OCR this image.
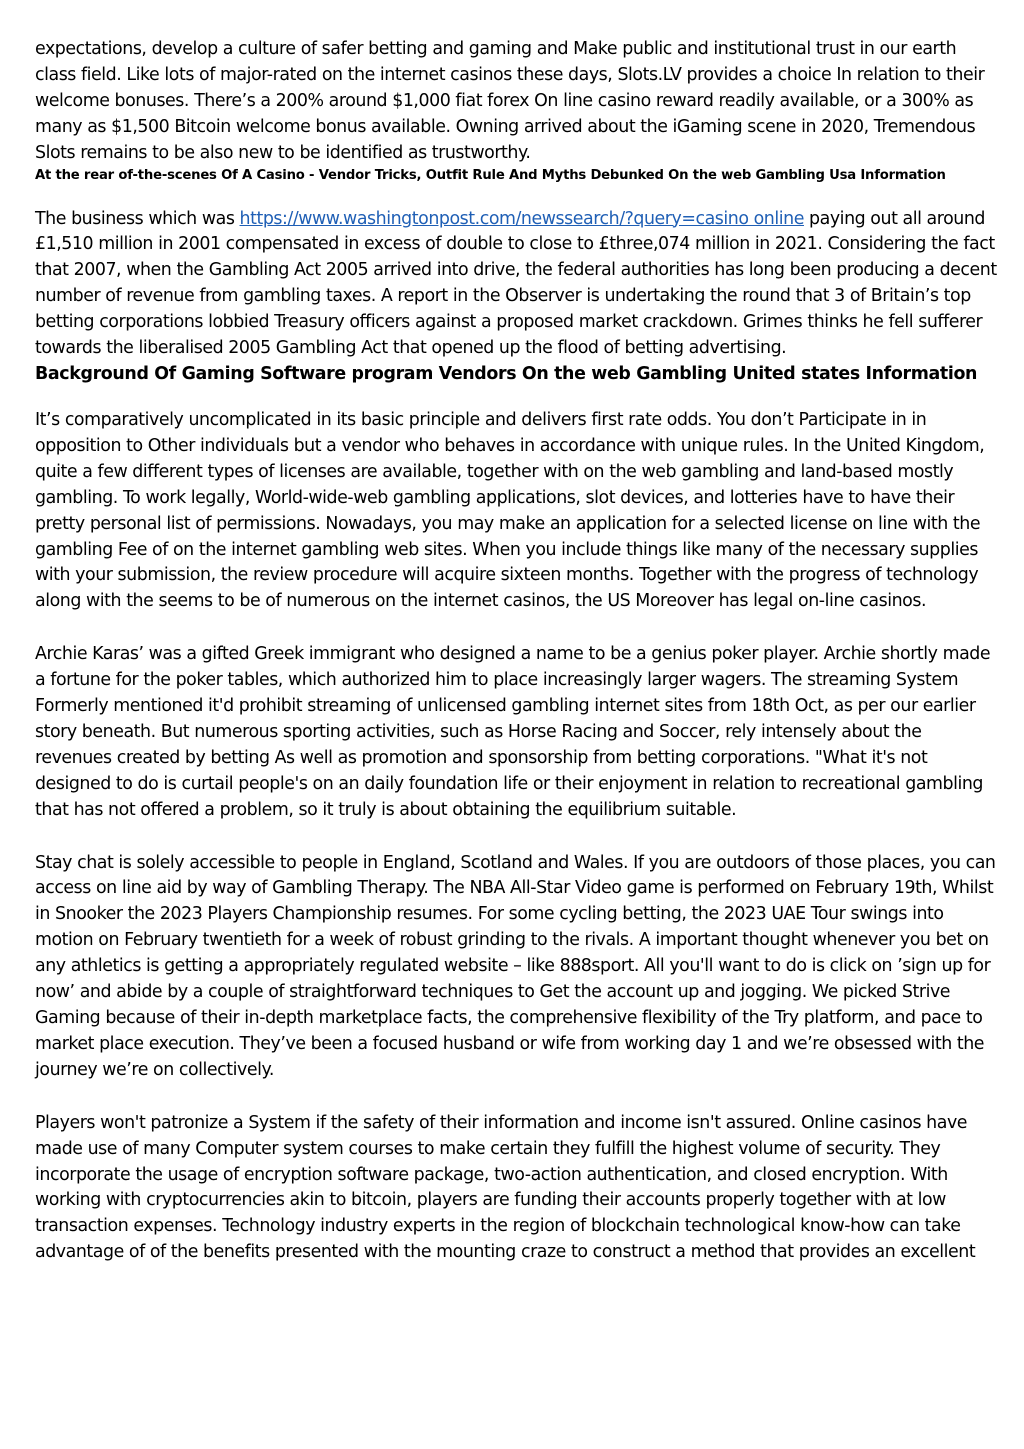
expectations, develop a culture of safer betting and gaming and Make public and institutional trust in our earth class field. Like lots of major-rated on the internet casinos these days, Slots.LV provides a choice In relation to their welcome bonuses. There’s a 200% around $1,000 fiat forex On line casino reward readily available, or a 300% as many as $1,500 Bitcoin welcome bonus available. Owning arrived about the iGaming scene in 2020, Tremendous Slots remains to be also new to be identified as trustworthy.

At the rear of-the-scenes Of A Casino - Vendor Tricks, Outfit Rule And Myths Debunked On the web Gambling Usa Information

The business which was https://www.washingtonpost.com/newssearch/?query=casino online paying out all around £1,510 million in 2001 compensated in excess of double to close to £three,074 million in 2021. Considering the fact that 2007, when the Gambling Act 2005 arrived into drive, the federal authorities has long been producing a decent number of revenue from gambling taxes. A report in the Observer is undertaking the round that 3 of Britain’s top betting corporations lobbied Treasury officers against a proposed market crackdown. Grimes thinks he fell sufferer towards the liberalised 2005 Gambling Act that opened up the flood of betting advertising.

Background Of Gaming Software program Vendors On the web Gambling United states Information

It’s comparatively uncomplicated in its basic principle and delivers first rate odds. You don’t Participate in in opposition to Other individuals but a vendor who behaves in accordance with unique rules. In the United Kingdom, quite a few different types of licenses are available, together with on the web gambling and land-based mostly gambling. To work legally, World-wide-web gambling applications, slot devices, and lotteries have to have their pretty personal list of permissions. Nowadays, you may make an application for a selected license on line with the gambling Fee of on the internet gambling web sites. When you include things like many of the necessary supplies with your submission, the review procedure will acquire sixteen months. Together with the progress of technology along with the seems to be of numerous on the internet casinos, the US Moreover has legal on-line casinos.

Archie Karas’ was a gifted Greek immigrant who designed a name to be a genius poker player. Archie shortly made a fortune for the poker tables, which authorized him to place increasingly larger wagers. The streaming System Formerly mentioned it'd prohibit streaming of unlicensed gambling internet sites from 18th Oct, as per our earlier story beneath. But numerous sporting activities, such as Horse Racing and Soccer, rely intensely about the revenues created by betting As well as promotion and sponsorship from betting corporations. "What it's not designed to do is curtail people's on an daily foundation life or their enjoyment in relation to recreational gambling that has not offered a problem, so it truly is about obtaining the equilibrium suitable.

Stay chat is solely accessible to people in England, Scotland and Wales. If you are outdoors of those places, you can access on line aid by way of Gambling Therapy. The NBA All-Star Video game is performed on February 19th, Whilst in Snooker the 2023 Players Championship resumes. For some cycling betting, the 2023 UAE Tour swings into motion on February twentieth for a week of robust grinding to the rivals. A important thought whenever you bet on any athletics is getting a appropriately regulated website – like 888sport. All you'll want to do is click on ’sign up for now’ and abide by a couple of straightforward techniques to Get the account up and jogging. We picked Strive Gaming because of their in-depth marketplace facts, the comprehensive flexibility of the Try platform, and pace to market place execution. They’ve been a focused husband or wife from working day 1 and we’re obsessed with the journey we’re on collectively.

Players won't patronize a System if the safety of their information and income isn't assured. Online casinos have made use of many Computer system courses to make certain they fulfill the highest volume of security. They incorporate the usage of encryption software package, two-action authentication, and closed encryption. With working with cryptocurrencies akin to bitcoin, players are funding their accounts properly together with at low transaction expenses. Technology industry experts in the region of blockchain technological know-how can take advantage of of the benefits presented with the mounting craze to construct a method that provides an excellent
